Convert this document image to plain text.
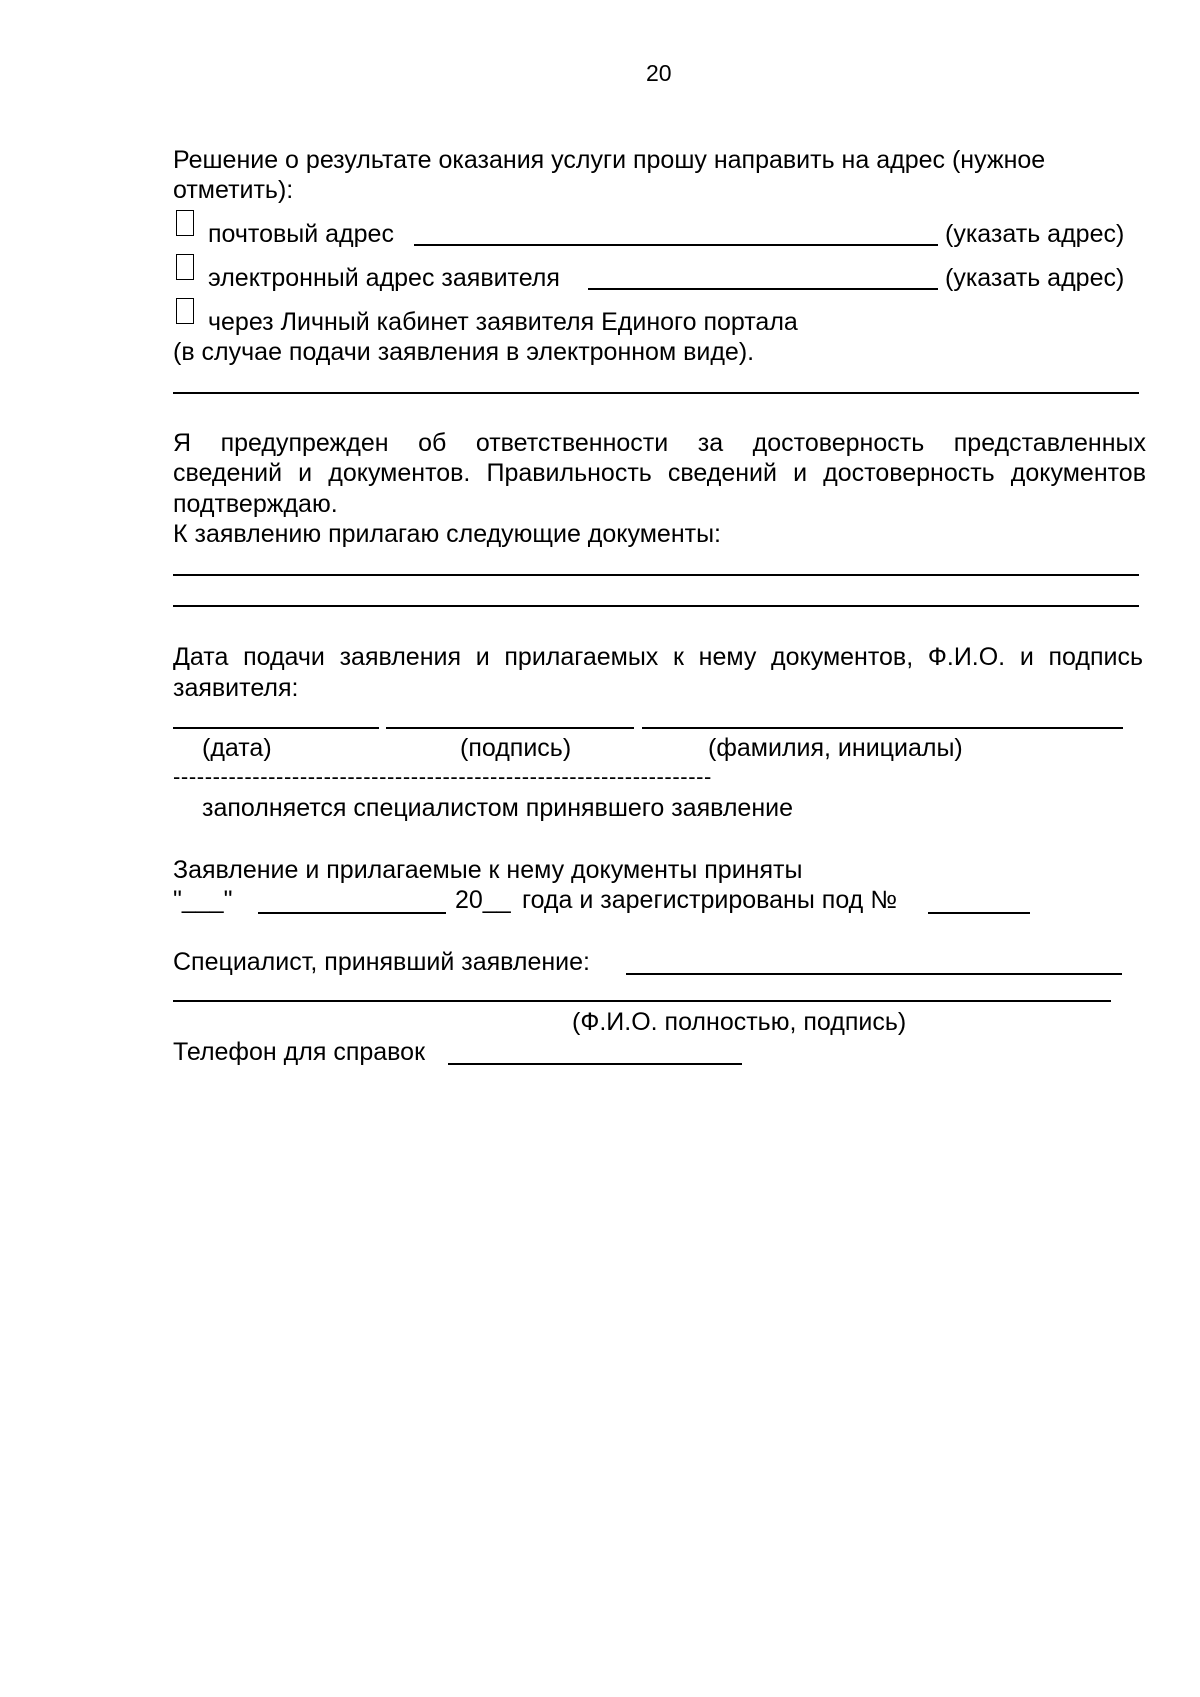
20
Решение о результате оказания услуги прошу направить на адрес (нужное
отметить):
почтовый адрес	(указать адрес)
электронный адрес заявителя	(указать адрес)
через Личный кабинет заявителя Единого портала
(в случае подачи заявления в электронном виде).
Я предупрежден об ответственности за достоверность представленных
сведений и документов. Правильность сведений и достоверность документов
подтверждаю.
К заявлению прилагаю следующие документы:
Дата подачи заявления и прилагаемых к нему документов, Ф.И.О. и подпись
заявителя:
(дата)	(подпись)	(фамилия, инициалы)
--------------------------------------------------------------------
заполняется специалистом принявшего заявление
Заявление и прилагаемые к нему документы приняты
"___"	20__ года и зарегистрированы под №
Специалист, принявший заявление:
(Ф.И.О. полностью, подпись)
Телефон для справок
